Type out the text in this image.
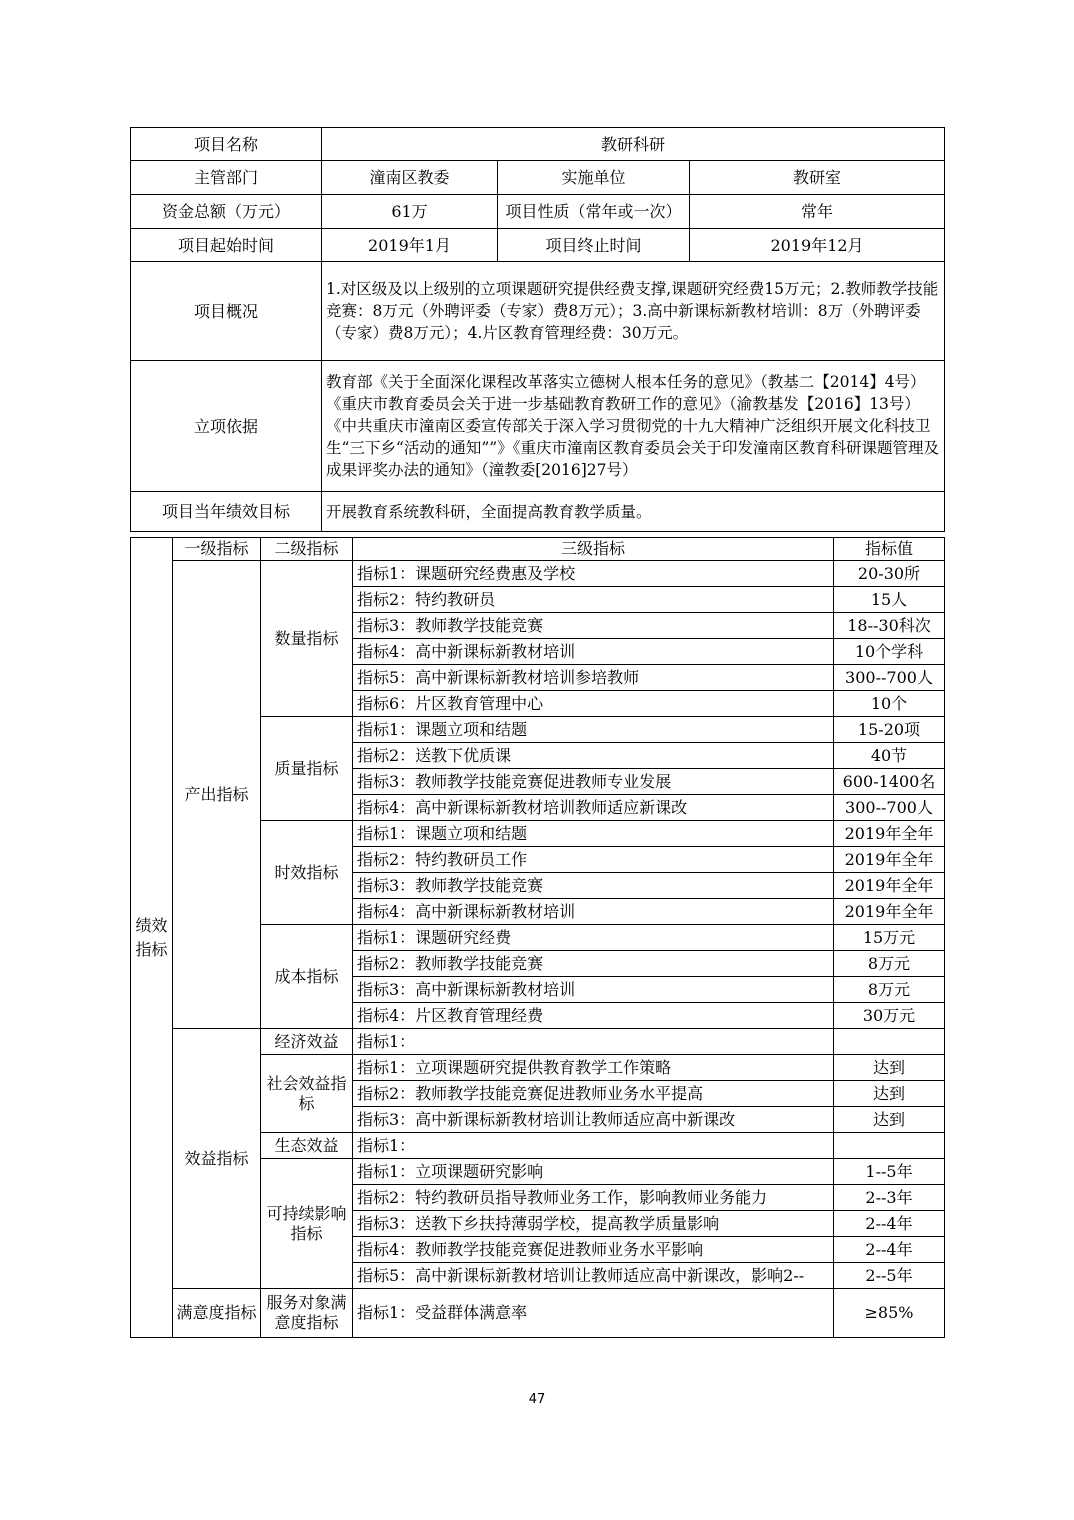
项目名称	教研科研		
主管部门	潼南区教委	实施单位	教研室
资金总额（万元）	61万	项目性质（常年或一次）	常年
项目起始时间	2019年1月	项目终止时间	2019年12月
项目概况	1.对区级及以上级别的立项课题研究提供经费支撑,课题研究经费15万元；2.教师教学技能竞赛：8万元（外聘评委（专家）费8万元）；3.高中新课标新教材培训：8万（外聘评委（专家）费8万元）；4.片区教育管理经费：30万元。		
立项依据	教育部《关于全面深化课程改革落实立德树人根本任务的意见》（教基二【2014】4号）《重庆市教育委员会关于进一步基础教育教研工作的意见》（渝教基发【2016】13号）《中共重庆市潼南区委宣传部关于深入学习贯彻党的十九大精神广泛组织开展文化科技卫生“三下乡“活动的通知””》《重庆市潼南区教育委员会关于印发潼南区教育科研课题管理及成果评奖办法的通知》（潼教委[2016]27号）		
项目当年绩效目标	开展教育系统教科研，全面提高教育教学质量。		
绩效指标	一级指标	二级指标	三级指标	指标值
	产出指标	数量指标	指标1：课题研究经费惠及学校	20-30所
			指标2：特约教研员	15人
			指标3：教师教学技能竞赛	18--30科次
			指标4：高中新课标新教材培训	10个学科
			指标5：高中新课标新教材培训参培教师	300--700人
			指标6：片区教育管理中心	10个
		质量指标	指标1：课题立项和结题	15-20项
			指标2：送教下优质课	40节
			指标3：教师教学技能竞赛促进教师专业发展	600-1400名
			指标4：高中新课标新教材培训教师适应新课改	300--700人
		时效指标	指标1：课题立项和结题	2019年全年
			指标2：特约教研员工作	2019年全年
			指标3：教师教学技能竞赛	2019年全年
			指标4：高中新课标新教材培训	2019年全年
		成本指标	指标1：课题研究经费	15万元
			指标2：教师教学技能竞赛	8万元
			指标3：高中新课标新教材培训	8万元
			指标4：片区教育管理经费	30万元
	效益指标	经济效益	指标1：	
		社会效益指标	指标1：立项课题研究提供教育教学工作策略	达到
			指标2：教师教学技能竞赛促进教师业务水平提高	达到
			指标3：高中新课标新教材培训让教师适应高中新课改	达到
		生态效益	指标1：	
		可持续影响指标	指标1：立项课题研究影响	1--5年
			指标2：特约教研员指导教师业务工作，影响教师业务能力	2--3年
			指标3：送教下乡扶持薄弱学校，提高教学质量影响	2--4年
			指标4：教师教学技能竞赛促进教师业务水平影响	2--4年
			指标5：高中新课标新教材培训让教师适应高中新课改，影响2--	2--5年
	满意度指标	服务对象满意度指标	指标1：受益群体满意率	≥85%
47
